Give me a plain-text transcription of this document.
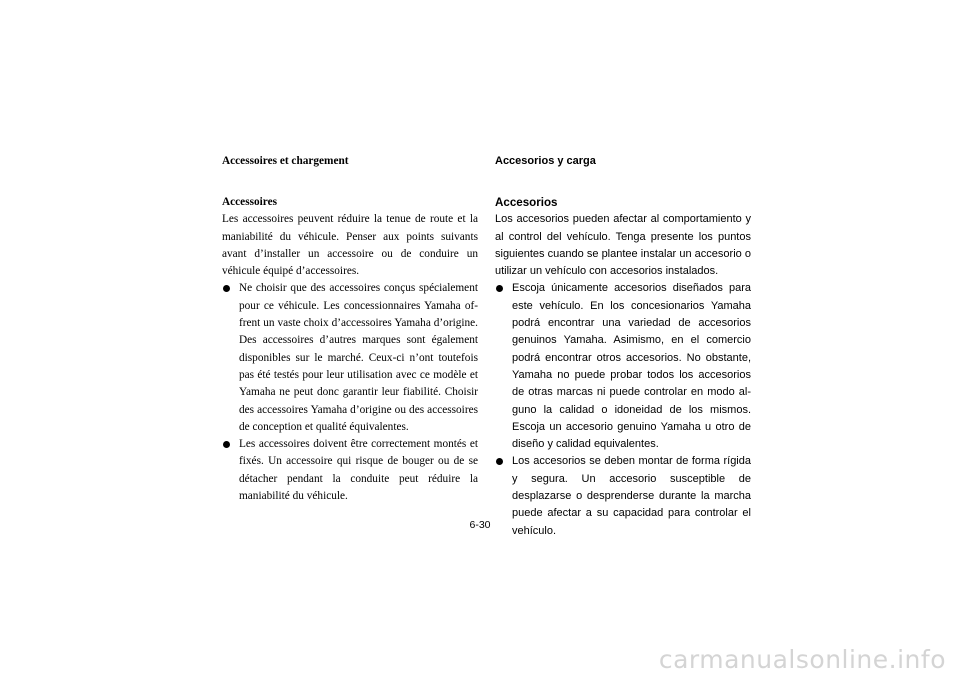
Accessoires et chargement
Accessoires

Les accessoires peuvent réduire la tenue de route et la maniabilité du véhicule. Penser aux points suivants avant d’installer un accessoire ou de conduire un véhicule équipé d’accessoires.

Ne choisir que des accessoires conçus spécialement pour ce véhicule. Les concessionnaires Yamaha offrent un vaste choix d’accessoires Yamaha d’origine. Des accessoires d’autres marques sont également disponibles sur le marché. Ceux-ci n’ont toutefois pas été testés pour leur utilisation avec ce modèle et Yamaha ne peut donc garantir leur fiabilité. Choisir des accessoires Yamaha d’origine ou des accessoires de conception et qualité équivalentes.
Les accessoires doivent être correctement montés et fixés. Un accessoire qui risque de bouger ou de se détacher pendant la conduite peut réduire la maniabilité du véhicule.
Accesorios y carga
Accesorios

Los accesorios pueden afectar al comportamiento y al control del vehículo. Tenga presente los puntos siguientes cuando se plantee instalar un accesorio o utilizar un vehículo con accesorios instalados.

Escoja únicamente accesorios diseñados para este vehículo. En los concesionarios Yamaha podrá encontrar una variedad de accesorios genuinos Yamaha. Asimismo, en el comercio podrá encontrar otros accesorios. No obstante, Yamaha no puede probar todos los accesorios de otras marcas ni puede controlar en modo alguno la calidad o idoneidad de los mismos. Escoja un accesorio genuino Yamaha u otro de diseño y calidad equivalentes.
Los accesorios se deben montar de forma rígida y segura. Un accesorio susceptible de desplazarse o desprenderse durante la marcha puede afectar a su capacidad para controlar el vehículo.
6-30
carmanualsonline.info
